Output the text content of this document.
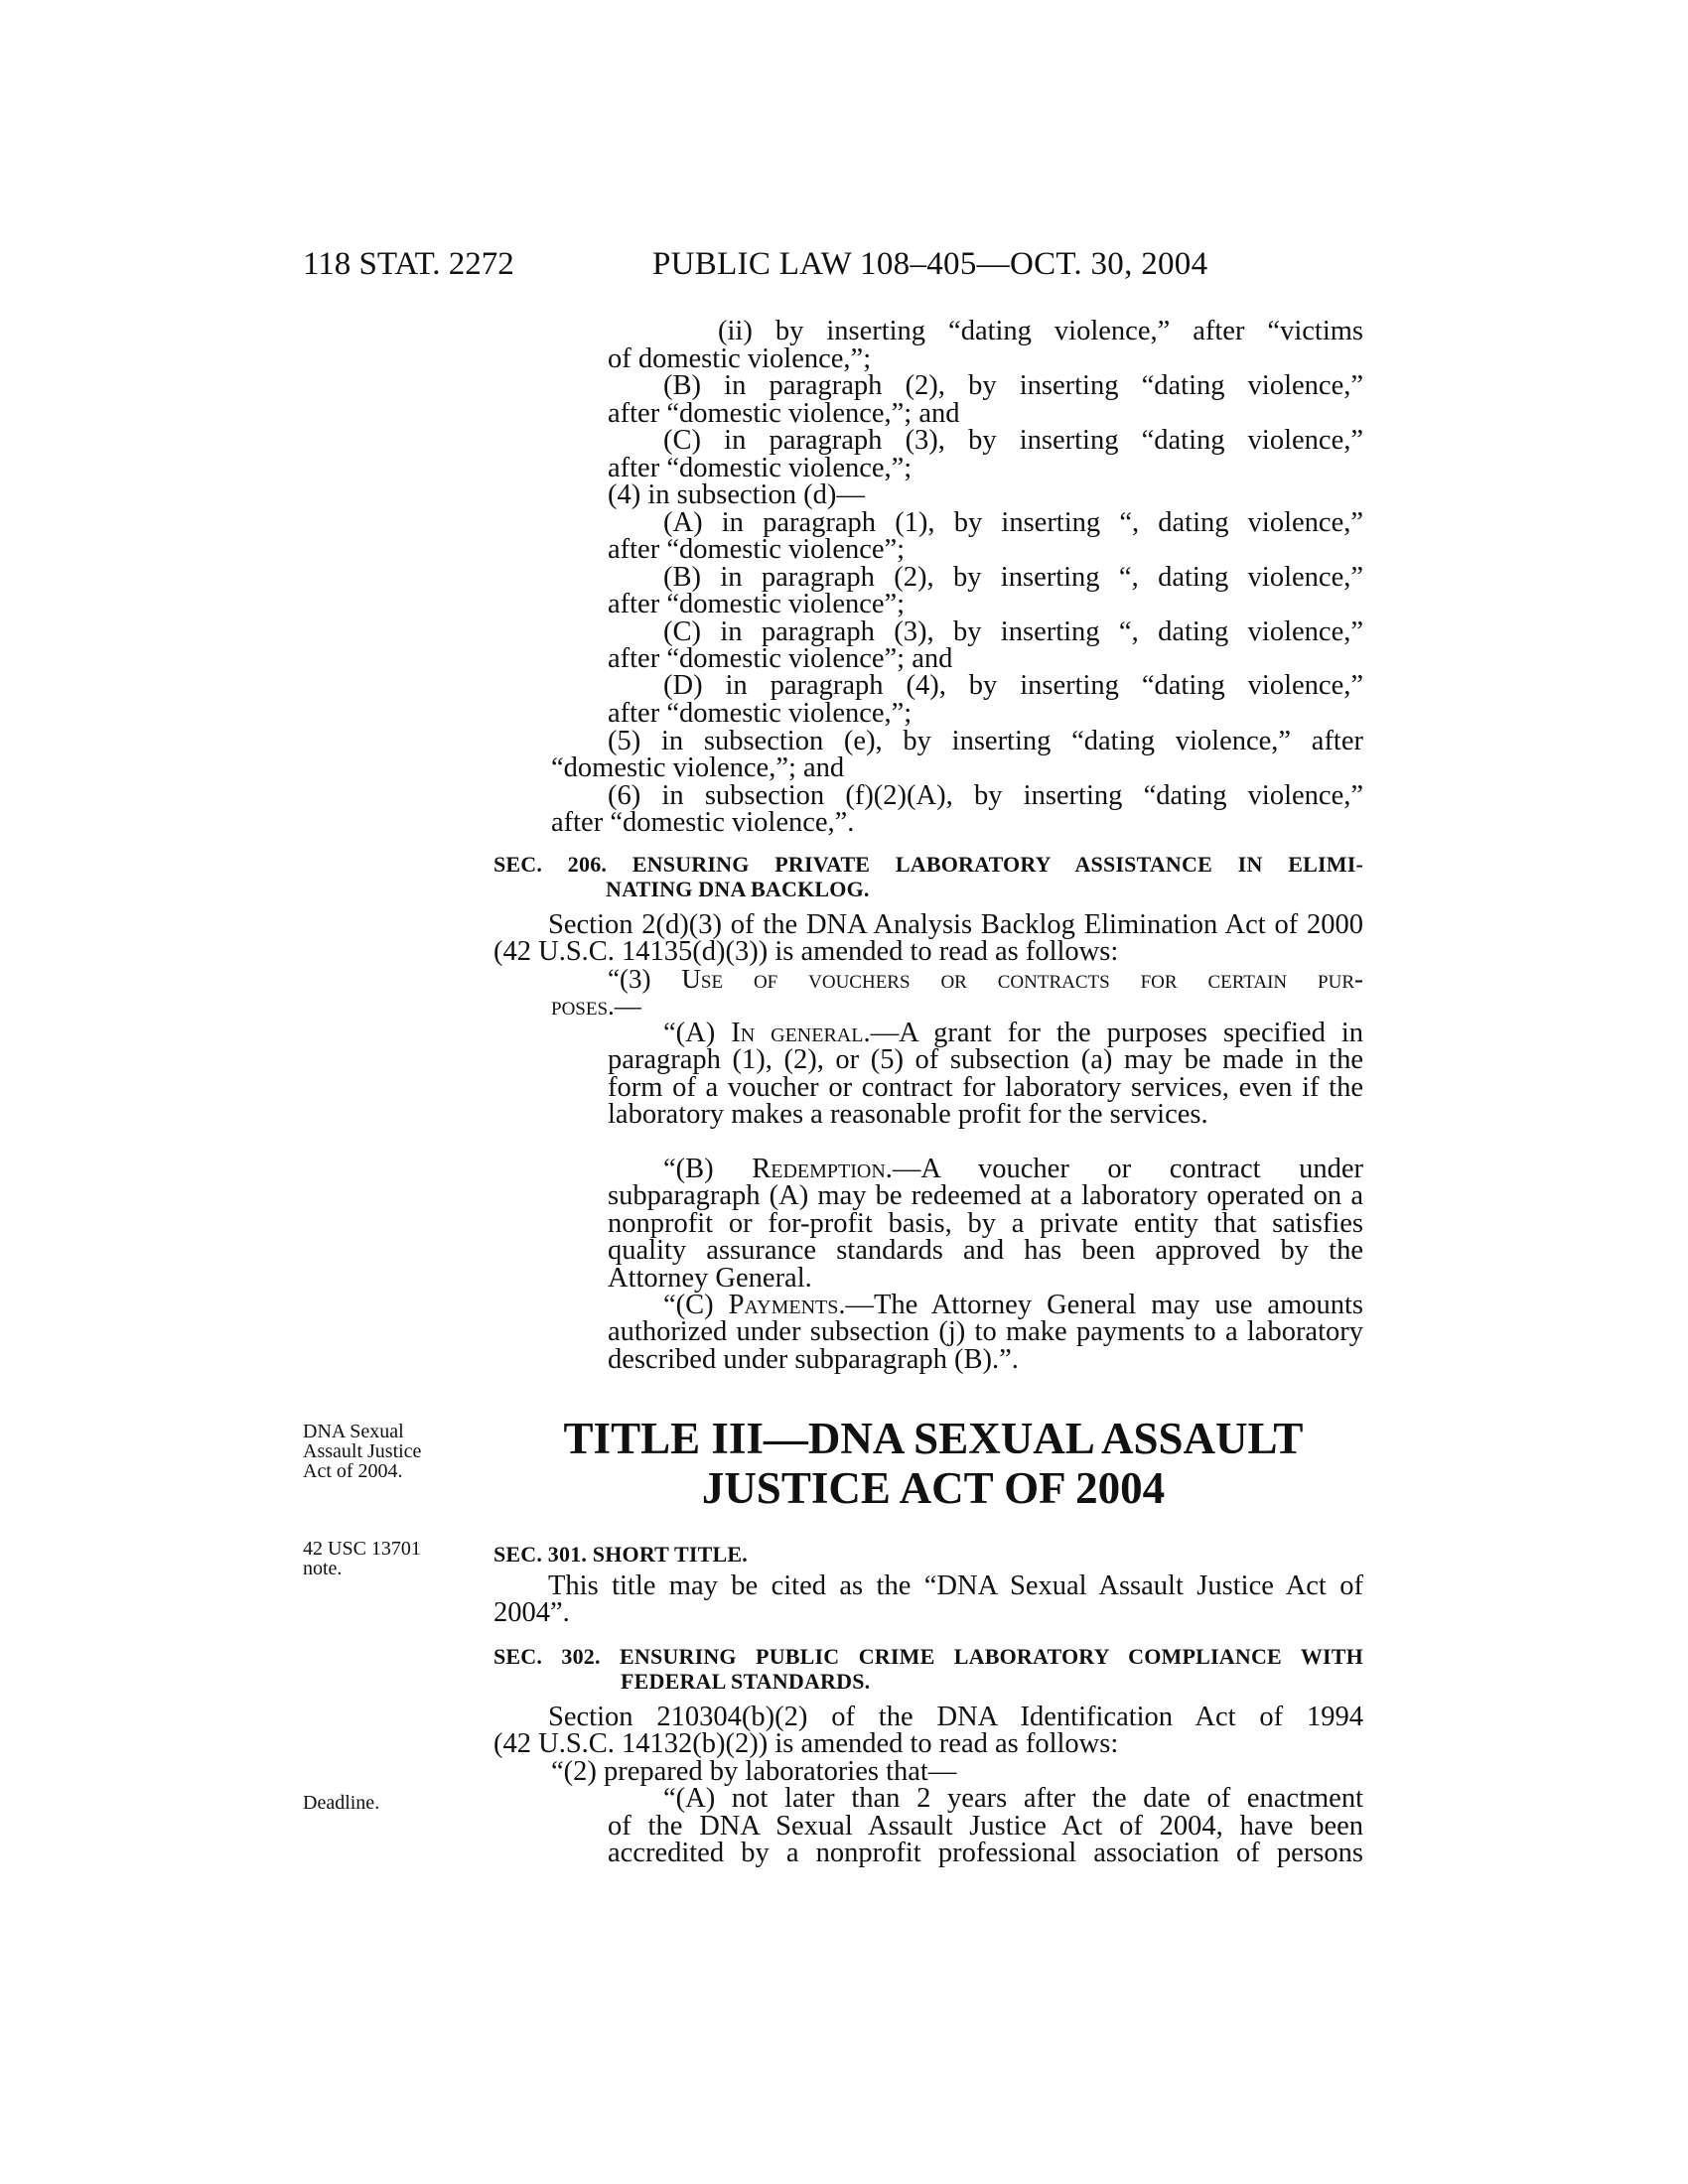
118 STAT. 2272	PUBLIC LAW 108–405—OCT. 30, 2004
(ii) by inserting “dating violence,” after “victims
of domestic violence,”;
(B) in paragraph (2), by inserting “dating violence,”
after “domestic violence,”; and
(C) in paragraph (3), by inserting “dating violence,”
after “domestic violence,”;
(4) in subsection (d)—
(A) in paragraph (1), by inserting “, dating violence,”
after “domestic violence”;
(B) in paragraph (2), by inserting “, dating violence,”
after “domestic violence”;
(C) in paragraph (3), by inserting “, dating violence,”
after “domestic violence”; and
(D) in paragraph (4), by inserting “dating violence,”
after “domestic violence,”;
(5) in subsection (e), by inserting “dating violence,” after
“domestic violence,”; and
(6) in subsection (f)(2)(A), by inserting “dating violence,”
after “domestic violence,”.
SEC. 206. ENSURING PRIVATE LABORATORY ASSISTANCE IN ELIMI-
NATING DNA BACKLOG.
Section 2(d)(3) of the DNA Analysis Backlog Elimination Act of 2000 (42 U.S.C. 14135(d)(3)) is amended to read as follows:
“(3) Use of vouchers or contracts for certain pur-
poses.—
“(A) In general.—A grant for the purposes specified in paragraph (1), (2), or (5) of subsection (a) may be made in the form of a voucher or contract for laboratory services, even if the laboratory makes a reasonable profit for the services.
“(B) Redemption.—A voucher or contract under subparagraph (A) may be redeemed at a laboratory operated on a nonprofit or for-profit basis, by a private entity that satisfies quality assurance standards and has been approved by the Attorney General.
“(C) Payments.—The Attorney General may use amounts authorized under subsection (j) to make payments to a laboratory described under subparagraph (B).”.
DNA Sexual
Assault Justice
Act of 2004.
TITLE III—DNA SEXUAL ASSAULT
JUSTICE ACT OF 2004
42 USC 13701
note.
SEC. 301. SHORT TITLE.
This title may be cited as the “DNA Sexual Assault Justice Act of 2004”.
SEC. 302. ENSURING PUBLIC CRIME LABORATORY COMPLIANCE WITH
FEDERAL STANDARDS.
Section 210304(b)(2) of the DNA Identification Act of 1994
(42 U.S.C. 14132(b)(2)) is amended to read as follows:
“(2) prepared by laboratories that—
Deadline.	“(A) not later than 2 years after the date of enactment
of the DNA Sexual Assault Justice Act of 2004, have been
accredited by a nonprofit professional association of persons
